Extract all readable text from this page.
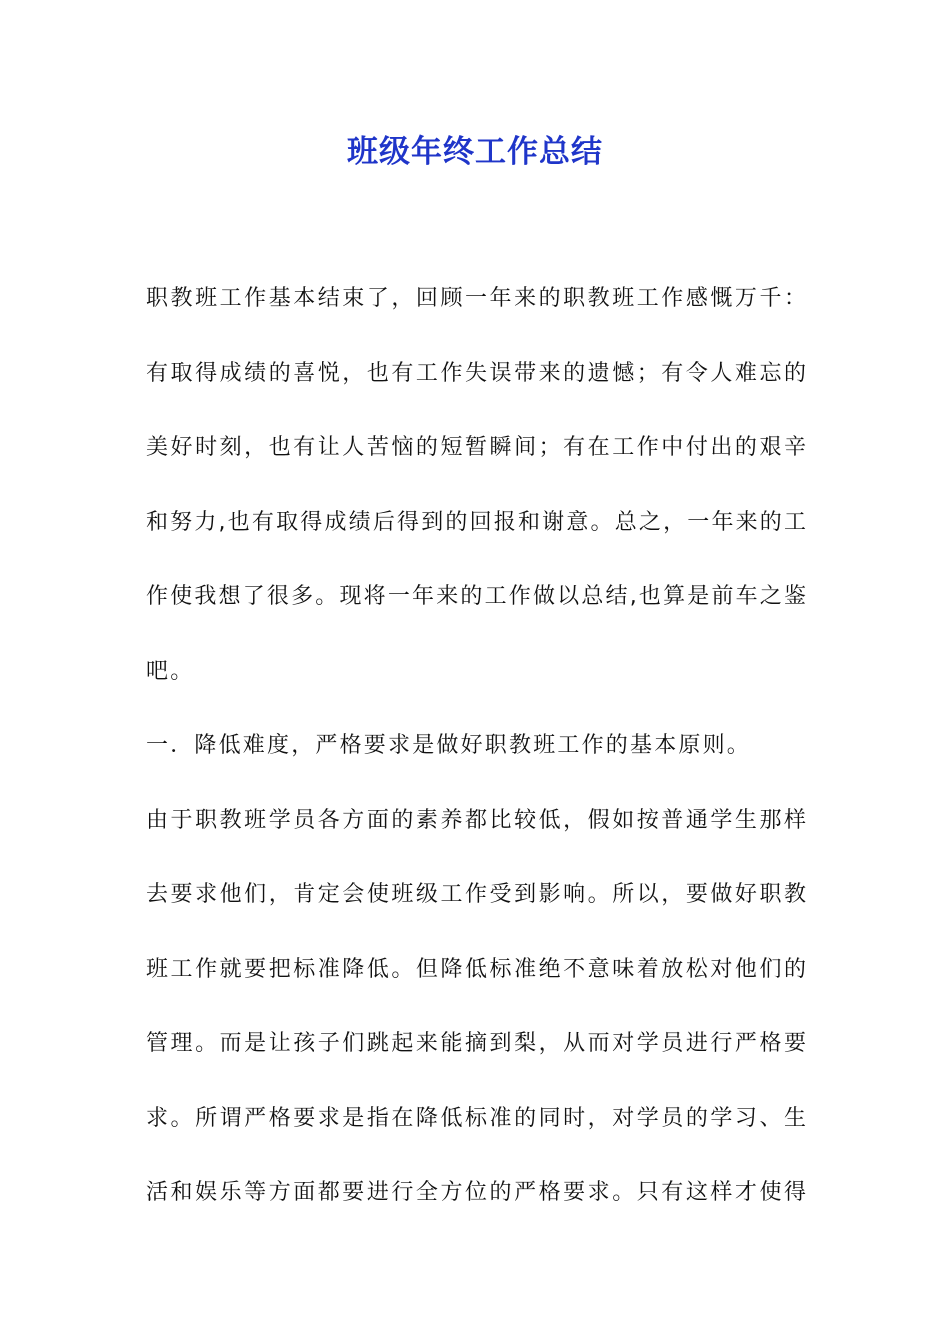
班级年终工作总结
职教班工作基本结束了，回顾一年来的职教班工作感慨万千：
有取得成绩的喜悦，也有工作失误带来的遗憾；有令人难忘的
美好时刻，也有让人苦恼的短暂瞬间；有在工作中付出的艰辛
和努力,也有取得成绩后得到的回报和谢意。总之，一年来的工
作使我想了很多。现将一年来的工作做以总结,也算是前车之鉴
吧。
一．降低难度，严格要求是做好职教班工作的基本原则。
由于职教班学员各方面的素养都比较低，假如按普通学生那样
去要求他们，肯定会使班级工作受到影响。所以，要做好职教
班工作就要把标准降低。但降低标准绝不意味着放松对他们的
管理。而是让孩子们跳起来能摘到梨，从而对学员进行严格要
求。所谓严格要求是指在降低标准的同时，对学员的学习、生
活和娱乐等方面都要进行全方位的严格要求。只有这样才使得
